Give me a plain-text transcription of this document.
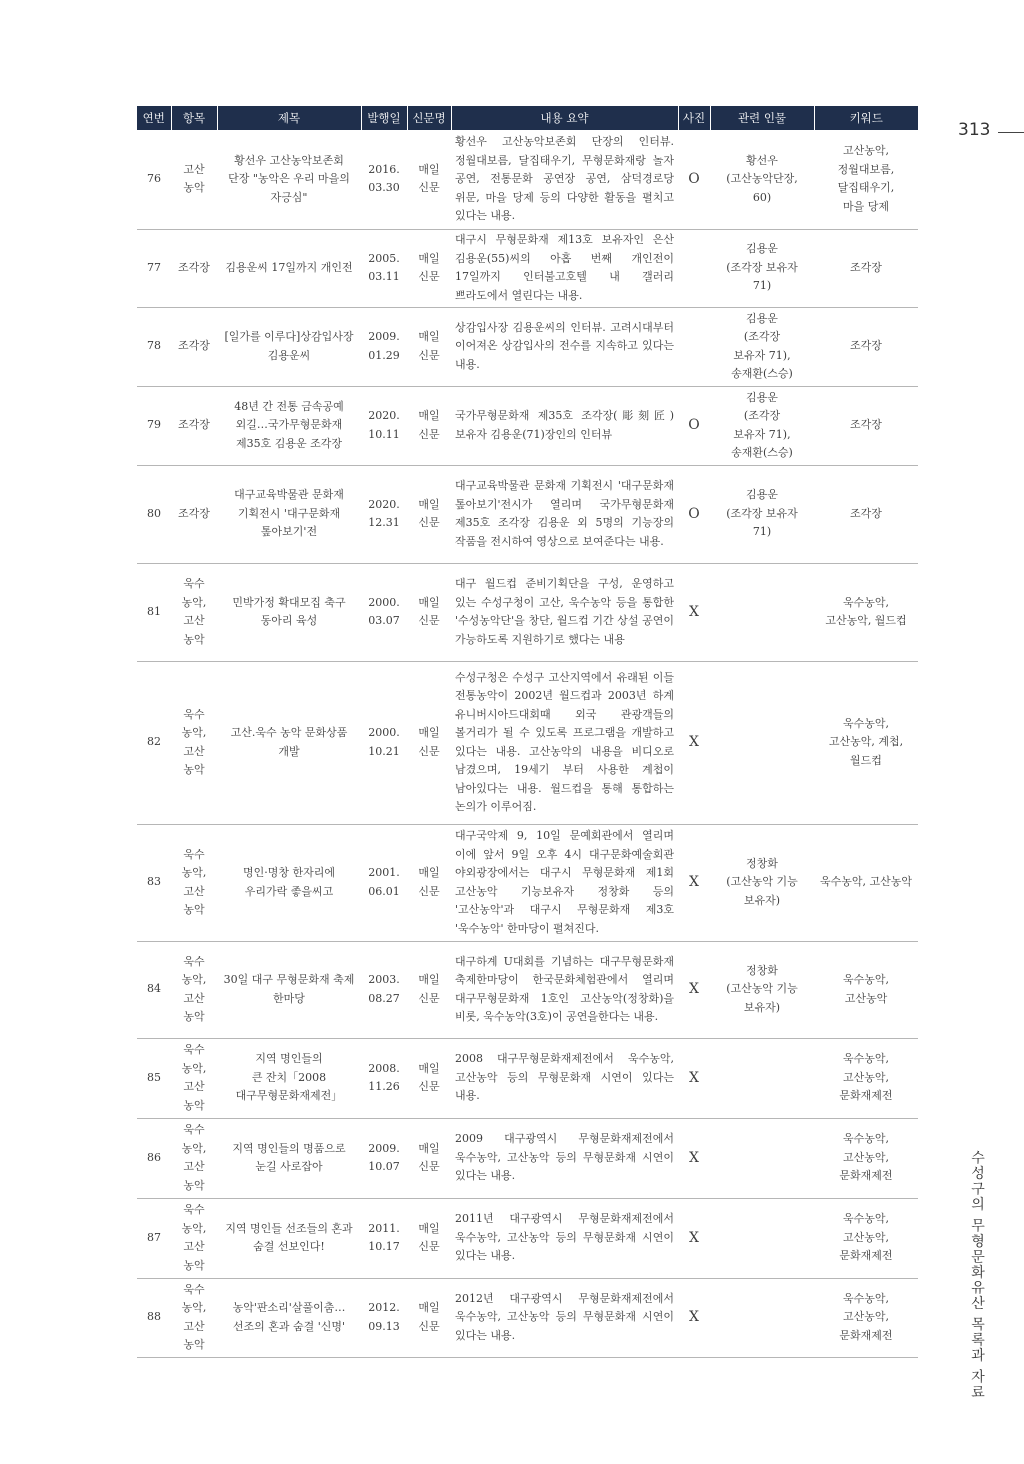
313
수성구의 무형문화유산 목록과 자료
연번	항목	제목	발행일	신문명	내용 요약	사진	관련 인물	키워드
76	고산
농악	황선우 고산농악보존회
단장 "농악은 우리 마을의
자긍심"	2016.
03.30	매일
신문	황선우 고산농악보존회 단장의 인터뷰. 정월대보름, 달집태우기, 무형문화재랑 놀자 공연, 전통문화 공연장 공연, 삼덕경로당 위문, 마을 당제 등의 다양한 활동을 펼치고 있다는 내용.	O	황선우
(고산농악단장,
60)	고산농악,
정월대보름,
달집태우기,
마을 당제
77	조각장	김용운씨 17일까지 개인전	2005.
03.11	매일
신문	대구시 무형문화재 제13호 보유자인 은산 김용운(55)씨의 아홉 번째 개인전이 17일까지 인터불고호텔 내 갤러리 쁘라도에서 열린다는 내용.		김용운
(조각장 보유자
71)	조각장
78	조각장	[일가를 이루다]상감입사장
김용운씨	2009.
01.29	매일
신문	상감입사장 김용운씨의 인터뷰. 고려시대부터 이어져온 상감입사의 전수를 지속하고 있다는 내용.		김용운
(조각장
보유자 71),
송재환(스승)	조각장
79	조각장	48년 간 전통 금속공예
외길…국가무형문화재
제35호 김용운 조각장	2020.
10.11	매일
신문	국가무형문화재 제35호 조각장(彫刻匠) 보유자 김용운(71)장인의 인터뷰	O	김용운
(조각장
보유자 71),
송재환(스승)	조각장
80	조각장	대구교육박물관 문화재
기획전시 '대구문화재
톺아보기'전	2020.
12.31	매일
신문	대구교육박물관 문화재 기획전시 '대구문화재 톺아보기'전시가 열리며 국가무형문화재 제35호 조각장 김용운 외 5명의 기능장의 작품을 전시하여 영상으로 보여준다는 내용.	O	김용운
(조각장 보유자
71)	조각장
81	욱수
농악,
고산
농악	민박가정 확대모집 축구
동아리 육성	2000.
03.07	매일
신문	대구 월드컵 준비기획단을 구성, 운영하고 있는 수성구청이 고산, 욱수농악 등을 통합한 '수성농악단'을 창단, 월드컵 기간 상설 공연이 가능하도록 지원하기로 했다는 내용	X		욱수농악,
고산농악, 월드컵
82	욱수
농악,
고산
농악	고산.욱수 농악 문화상품
개발	2000.
10.21	매일
신문	수성구청은 수성구 고산지역에서 유래된 이들 전통농악이 2002년 월드컵과 2003년 하계 유니버시아드대회때 외국 관광객들의 볼거리가 될 수 있도록 프로그램을 개발하고 있다는 내용. 고산농악의 내용을 비디오로 남겼으며, 19세기 부터 사용한 계첩이 남아있다는 내용. 월드컵을 통해 통합하는 논의가 이루어짐.	X		욱수농악,
고산농악, 계첩,
월드컵
83	욱수
농악,
고산
농악	명인·명창 한자리에
우리가락 좋을씨고	2001.
06.01	매일
신문	대구국악제 9, 10일 문예회관에서 열리며 이에 앞서 9일 오후 4시 대구문화예술회관 야외광장에서는 대구시 무형문화재 제1회 고산농악 기능보유자 정창화 등의 '고산농악'과 대구시 무형문화재 제3호 '욱수농악' 한마당이 펼쳐진다.	X	정창화
(고산농악 기능
보유자)	욱수농악, 고산농악
84	욱수
농악,
고산
농악	30일 대구 무형문화재 축제
한마당	2003.
08.27	매일
신문	대구하계 U대회를 기념하는 대구무형문화재 축제한마당이 한국문화체험관에서 열리며 대구무형문화재 1호인 고산농악(정창화)을 비롯, 욱수농악(3호)이 공연을한다는 내용.	X	정창화
(고산농악 기능
보유자)	욱수농악,
고산농악
85	욱수
농악,
고산
농악	지역 명인들의
큰 잔치「2008
대구무형문화재제전」	2008.
11.26	매일
신문	2008 대구무형문화재제전에서 욱수농악, 고산농악 등의 무형문화재 시연이 있다는 내용.	X		욱수농악,
고산농악, 문화재제전
86	욱수
농악,
고산
농악	지역 명인들의 명품으로
눈길 사로잡아	2009.
10.07	매일
신문	2009 대구광역시 무형문화재제전에서 욱수농악, 고산농악 등의 무형문화재 시연이 있다는 내용.	X		욱수농악,
고산농악, 문화재제전
87	욱수
농악,
고산
농악	지역 명인들 선조들의 혼과
숨결 선보인다!	2011.
10.17	매일
신문	2011년 대구광역시 무형문화재제전에서 욱수농악, 고산농악 등의 무형문화재 시연이 있다는 내용.	X		욱수농악,
고산농악, 문화재제전
88	욱수
농악,
고산
농악	농악'판소리'살풀이춤…
선조의 혼과 숨결 '신명'	2012.
09.13	매일
신문	2012년 대구광역시 무형문화재제전에서 욱수농악, 고산농악 등의 무형문화재 시연이 있다는 내용.	X		욱수농악,
고산농악, 문화재제전
